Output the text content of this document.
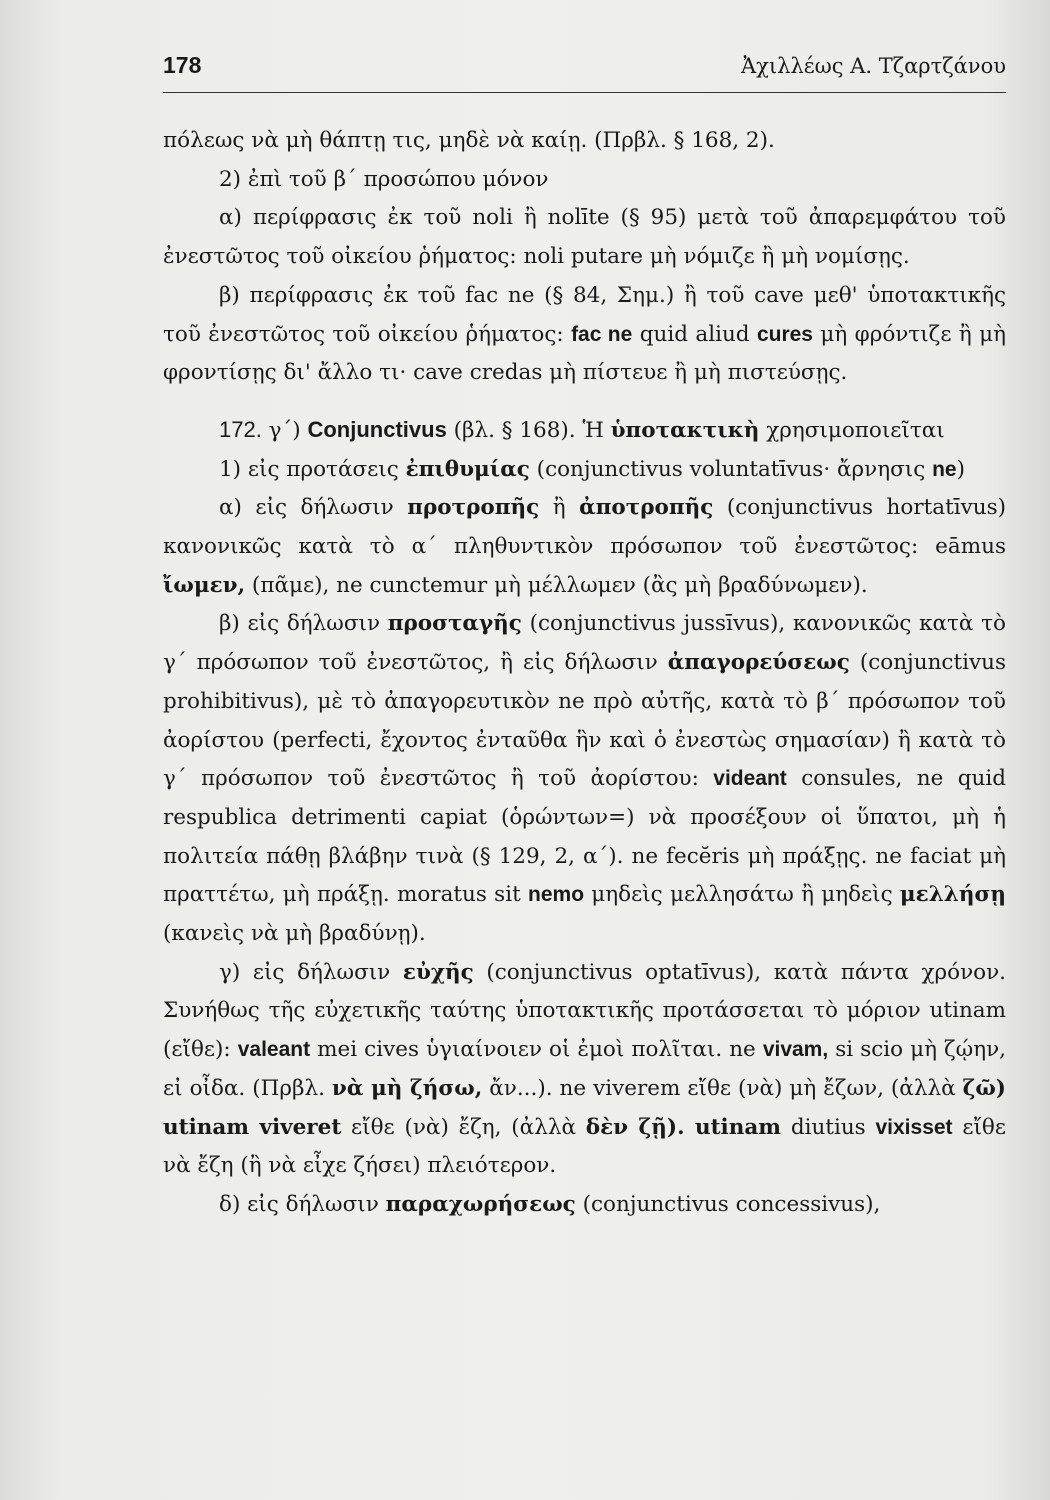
178	Ἀχιλλέως Α. Τζαρτζάνου

πόλεως νὰ μὴ θάπτῃ τις, μηδὲ νὰ καίῃ. (Πρβλ. § 168, 2).

2) ἐπὶ τοῦ β΄ προσώπου μόνον

α) περίφρασις ἐκ τοῦ noli ἢ nolīte (§ 95) μετὰ τοῦ ἀπαρεμφάτου τοῦ ἐνεστῶτος τοῦ οἰκείου ῥήματος: noli putare μὴ νόμιζε ἢ μὴ νομίσῃς.

β) περίφρασις ἐκ τοῦ fac ne (§ 84, Σημ.) ἢ τοῦ cave μεθ' ὑποτακτικῆς τοῦ ἐνεστῶτος τοῦ οἰκείου ῥήματος: fac ne quid aliud cures μὴ φρόντιζε ἢ μὴ φροντίσῃς δι' ἄλλο τι· cave credas μὴ πίστευε ἢ μὴ πιστεύσῃς.

172. γ΄) Conjunctivus (βλ. § 168). Ἡ ὑποτακτικὴ χρησιμοποιεῖται

1) εἰς προτάσεις ἐπιθυμίας (conjunctivus voluntatīvus· ἄρνησις ne)

α) εἰς δήλωσιν προτροπῆς ἢ ἀποτροπῆς (conjunctivus hortatīvus) κανονικῶς κατὰ τὸ α΄ πληθυντικὸν πρόσωπον τοῦ ἐνεστῶτος: eāmus ἴωμεν, (πᾶμε), ne cunctemur μὴ μέλλωμεν (ἂς μὴ βραδύνωμεν).

β) εἰς δήλωσιν προσταγῆς (conjunctivus jussīvus), κανονικῶς κατὰ τὸ γ΄ πρόσωπον τοῦ ἐνεστῶτος, ἢ εἰς δήλωσιν ἀπαγορεύσεως (conjunctivus prohibitivus), μὲ τὸ ἀπαγορευτικὸν ne πρὸ αὐτῆς, κατὰ τὸ β΄ πρόσωπον τοῦ ἀορίστου (perfecti, ἔχοντος ἐνταῦθα ἣν καὶ ὁ ἐνεστὼς σημασίαν) ἢ κατὰ τὸ γ΄ πρόσωπον τοῦ ἐνεστῶτος ἢ τοῦ ἀορίστου: videant consules, ne quid respublica detrimenti capiat (ὁρώντων=) νὰ προσέξουν οἱ ὕπατοι, μὴ ἡ πολιτεία πάθῃ βλάβην τινὰ (§ 129, 2, α΄). ne fecĕris μὴ πράξῃς. ne faciat μὴ πραττέτω, μὴ πράξῃ. moratus sit nemo μηδεὶς μελλησάτω ἢ μηδεὶς μελλήσῃ (κανεὶς νὰ μὴ βραδύνῃ).

γ) εἰς δήλωσιν εὐχῆς (conjunctivus optatīvus), κατὰ πάντα χρόνον. Συνήθως τῆς εὐχετικῆς ταύτης ὑποτακτικῆς προτάσσεται τὸ μόριον utinam (εἴθε): valeant mei cives ὑγιαίνοιεν οἱ ἐμοὶ πολῖται. ne vivam, si scio μὴ ζῴην, εἰ οἶδα. (Πρβλ. νὰ μὴ ζήσω, ἄν...). ne viverem εἴθε (νὰ) μὴ ἔζων, (ἀλλὰ ζῶ) utinam viveret εἴθε (νὰ) ἔζη, (ἀλλὰ δὲν ζῇ). utinam diutius vixisset εἴθε νὰ ἔζη (ἢ νὰ εἶχε ζήσει) πλειότερον.

δ) εἰς δήλωσιν παραχωρήσεως (conjunctivus concessivus),
